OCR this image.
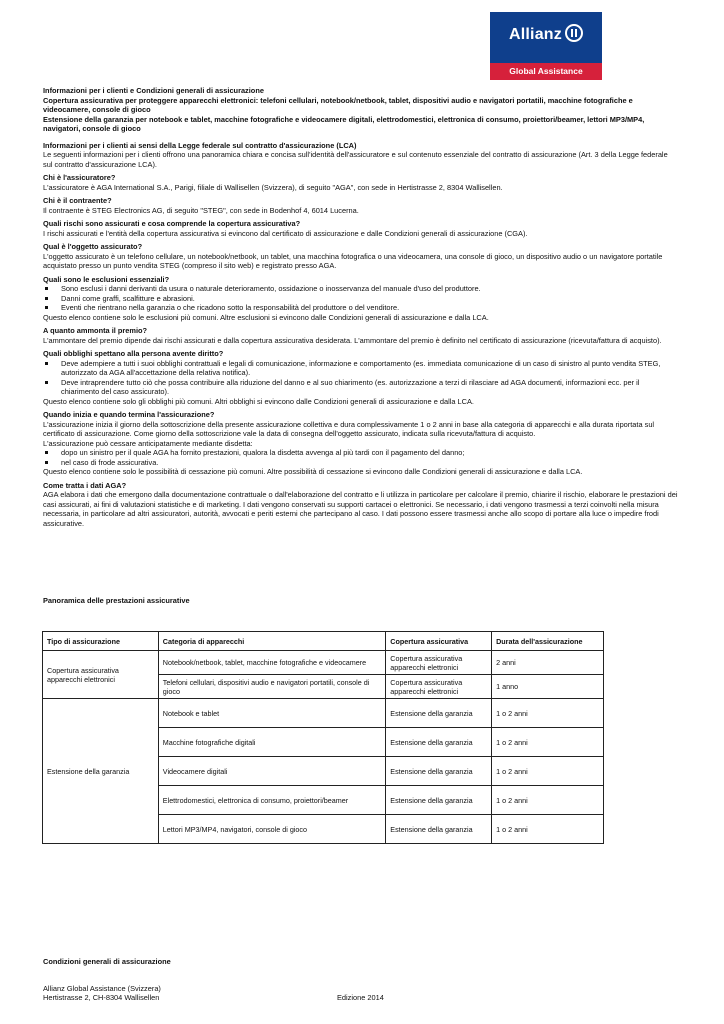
Allianz
Global Assistance

Informazioni per i clienti e Condizioni generali di assicurazione

Copertura assicurativa per proteggere apparecchi elettronici: telefoni cellulari, notebook/netbook, tablet, dispositivi audio e navigatori portatili, macchine fotografiche e videocamere, console di gioco

Estensione della garanzia per notebook e tablet, macchine fotografiche e videocamere digitali, elettrodomestici, elettronica di consumo, proiettori/beamer, lettori MP3/MP4, navigatori, console di gioco

Informazioni per i clienti ai sensi della Legge federale sul contratto d'assicurazione (LCA)

Le seguenti informazioni per i clienti offrono una panoramica chiara e concisa sull'identità dell'assicuratore e sul contenuto essenziale del contratto di assicurazione (Art. 3 della Legge federale sul contratto d'assicurazione LCA).

Chi è l'assicuratore?

L'assicuratore è AGA International S.A., Parigi, filiale di Wallisellen (Svizzera), di seguito "AGA", con sede in Hertistrasse 2, 8304 Wallisellen.

Chi è il contraente?

Il contraente è STEG Electronics AG, di seguito "STEG", con sede in Bodenhof 4, 6014 Lucerna.

Quali rischi sono assicurati e cosa comprende la copertura assicurativa?

I rischi assicurati e l'entità della copertura assicurativa si evincono dal certificato di assicurazione e dalle Condizioni generali di assicurazione (CGA).

Qual è l'oggetto assicurato?

L'oggetto assicurato è un telefono cellulare, un notebook/netbook, un tablet, una macchina fotografica o una videocamera, una console di gioco, un dispositivo audio o un navigatore portatile acquistato presso un punto vendita STEG (compreso il sito web) e registrato presso AGA.

Quali sono le esclusioni essenziali?

Sono esclusi i danni derivanti da usura o naturale deterioramento, ossidazione o inosservanza del manuale d'uso del produttore.
Danni come graffi, scalfitture e abrasioni.
Eventi che rientrano nella garanzia o che ricadono sotto la responsabilità del produttore o del venditore.

Questo elenco contiene solo le esclusioni più comuni. Altre esclusioni si evincono dalle Condizioni generali di assicurazione e dalla LCA.

A quanto ammonta il premio?

L'ammontare del premio dipende dai rischi assicurati e dalla copertura assicurativa desiderata. L'ammontare del premio è definito nel certificato di assicurazione (ricevuta/fattura di acquisto).

Quali obblighi spettano alla persona avente diritto?

Deve adempiere a tutti i suoi obblighi contrattuali e legali di comunicazione, informazione e comportamento (es. immediata comunicazione di un caso di sinistro al punto vendita STEG, autorizzato da AGA all'accettazione della relativa notifica).
Deve intraprendere tutto ciò che possa contribuire alla riduzione del danno e al suo chiarimento (es. autorizzazione a terzi di rilasciare ad AGA documenti, informazioni ecc. per il chiarimento del caso assicurato).

Questo elenco contiene solo gli obblighi più comuni. Altri obblighi si evincono dalle Condizioni generali di assicurazione e dalla LCA.

Quando inizia e quando termina l'assicurazione?

L'assicurazione inizia il giorno della sottoscrizione della presente assicurazione collettiva e dura complessivamente 1 o 2 anni in base alla categoria di apparecchi e alla durata riportata sul certificato di assicurazione. Come giorno della sottoscrizione vale la data di consegna dell'oggetto assicurato, indicata sulla ricevuta/fattura di acquisto.

L'assicurazione può cessare anticipatamente mediante disdetta:

dopo un sinistro per il quale AGA ha fornito prestazioni, qualora la disdetta avvenga al più tardi con il pagamento del danno;
nel caso di frode assicurativa.

Questo elenco contiene solo le possibilità di cessazione più comuni. Altre possibilità di cessazione si evincono dalle Condizioni generali di assicurazione e dalla LCA.

Come tratta i dati AGA?

AGA elabora i dati che emergono dalla documentazione contrattuale o dall'elaborazione del contratto e li utilizza in particolare per calcolare il premio, chiarire il rischio, elaborare le prestazioni dei casi assicurati, ai fini di valutazioni statistiche e di marketing. I dati vengono conservati su supporti cartacei o elettronici. Se necessario, i dati vengono trasmessi a terzi coinvolti nella misura necessaria, in particolare ad altri assicuratori, autorità, avvocati e periti esterni che partecipano al caso. I dati possono essere trasmessi anche allo scopo di portare alla luce o impedire frodi assicurative.

Panoramica delle prestazioni assicurative
Tipo di assicurazione	Categoria di apparecchi	Copertura assicurativa	Durata dell'assicurazione
Copertura assicurativa apparecchi elettronici	Notebook/netbook, tablet, macchine fotografiche e videocamere	Copertura assicurativa apparecchi elettronici	2 anni
	Telefoni cellulari, dispositivi audio e navigatori portatili, console di gioco	Copertura assicurativa apparecchi elettronici	1 anno
Estensione della garanzia	Notebook e tablet	Estensione della garanzia	1 o 2 anni
	Macchine fotografiche digitali	Estensione della garanzia	1 o 2 anni
	Videocamere digitali	Estensione della garanzia	1 o 2 anni
	Elettrodomestici, elettronica di consumo, proiettori/beamer	Estensione della garanzia	1 o 2 anni
	Lettori MP3/MP4, navigatori, console di gioco	Estensione della garanzia	1 o 2 anni
Condizioni generali di assicurazione
Allianz Global Assistance (Svizzera)
Hertistrasse 2, CH-8304 Wallisellen	Edizione 2014
